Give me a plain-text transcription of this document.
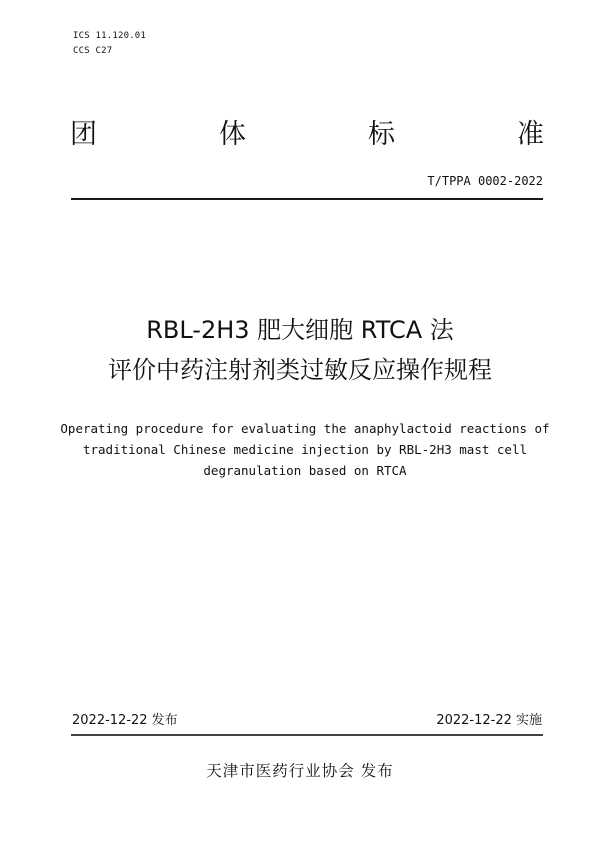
ICS 11.120.01
CCS C27
团	体	标	准
T/TPPA 0002-2022
RBL-2H3 肥大细胞 RTCA 法
评价中药注射剂类过敏反应操作规程
Operating procedure for evaluating the anaphylactoid reactions of traditional Chinese medicine injection by RBL-2H3 mast cell degranulation based on RTCA
2022-12-22 发布	2022-12-22 实施
天津市医药行业协会 发布
